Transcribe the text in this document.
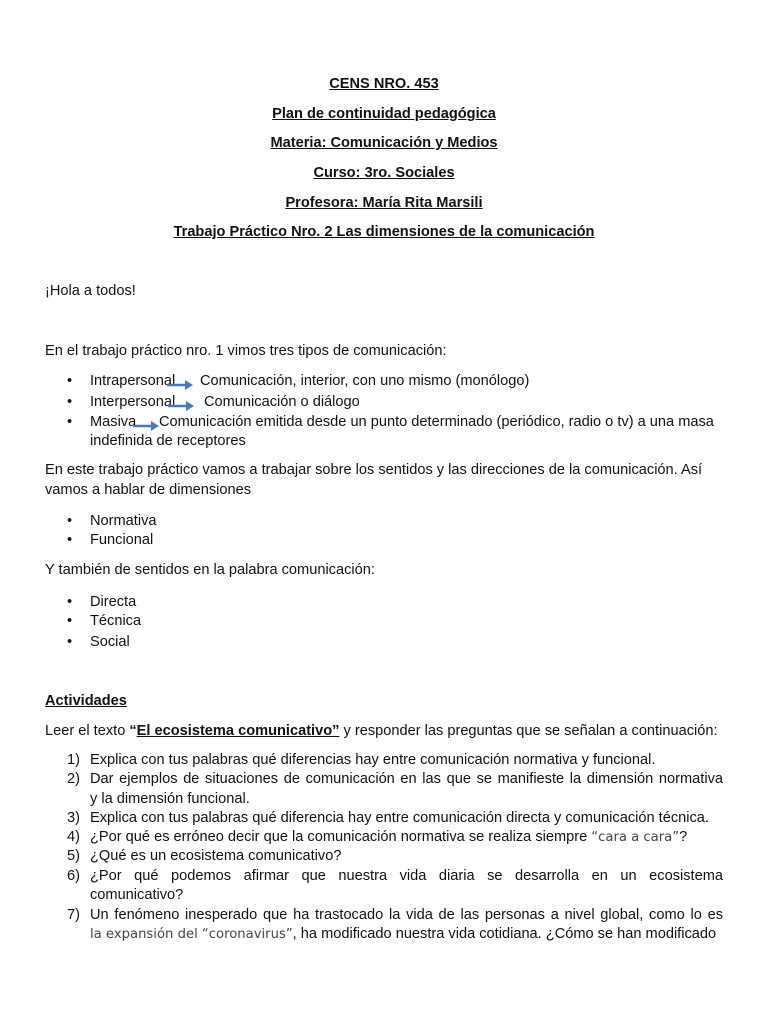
CENS NRO. 453
Plan de continuidad pedagógica
Materia: Comunicación y Medios
Curso: 3ro. Sociales
Profesora: María Rita Marsili
Trabajo Práctico Nro. 2 Las dimensiones de la comunicación
¡Hola a todos!
En el trabajo práctico nro. 1 vimos tres tipos de comunicación:
• Intrapersonal Comunicación, interior, con uno mismo (monólogo)
• Interpersonal Comunicación o diálogo
• Masiva Comunicación emitida desde un punto determinado (periódico, radio o tv) a una masa
indefinida de receptores
En este trabajo práctico vamos a trabajar sobre los sentidos y las direcciones de la comunicación. Así
vamos a hablar de dimensiones
• Normativa
• Funcional
Y también de sentidos en la palabra comunicación:
• Directa
• Técnica
• Social
Actividades
Leer el texto “El ecosistema comunicativo” y responder las preguntas que se señalan a continuación:
1) Explica con tus palabras qué diferencias hay entre comunicación normativa y funcional.
2) Dar ejemplos de situaciones de comunicación en las que se manifieste la dimensión normativa
y la dimensión funcional.
3) Explica con tus palabras qué diferencia hay entre comunicación directa y comunicación técnica.
4) ¿Por qué es erróneo decir que la comunicación normativa se realiza siempre “cara a cara”?
5) ¿Qué es un ecosistema comunicativo?
6) ¿Por qué podemos afirmar que nuestra vida diaria se desarrolla en un ecosistema
comunicativo?
7) Un fenómeno inesperado que ha trastocado la vida de las personas a nivel global, como lo es
la expansión del “coronavirus”, ha modificado nuestra vida cotidiana. ¿Cómo se han modificado
